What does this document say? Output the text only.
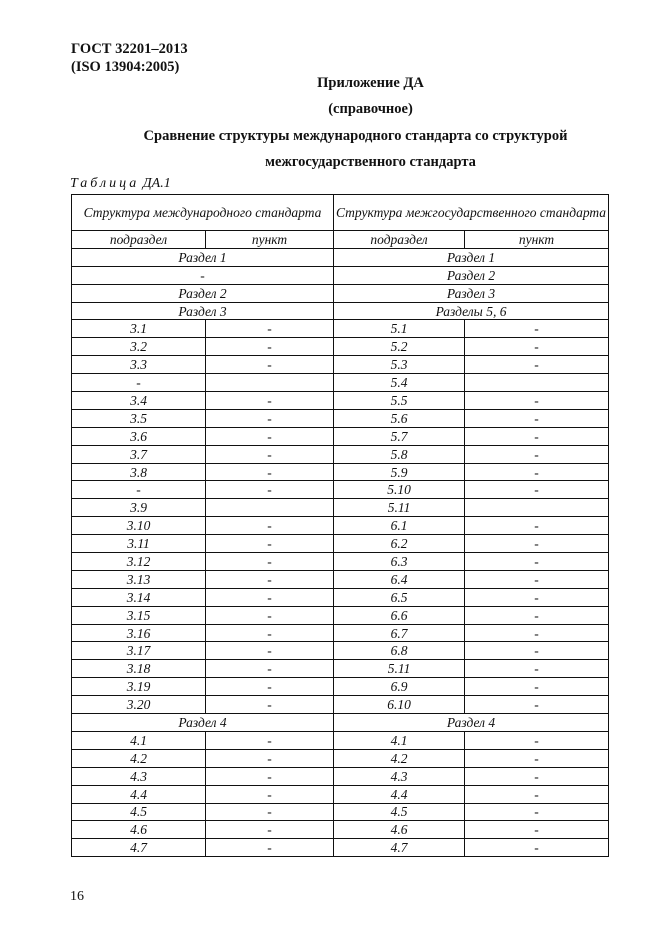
ГОСТ 32201–2013
(ISO 13904:2005)
Приложение ДА
(справочное)
Сравнение структуры международного стандарта со структурой
межгосударственного стандарта
Таблица ДА.1
Структура международного стандарта		Структура межгосударственного стандарта	
подраздел	пункт	подраздел	пункт
Раздел 1		Раздел 1	
-		Раздел 2	
Раздел 2		Раздел 3	
Раздел 3		Разделы 5, 6	
3.1	-	5.1	-
3.2	-	5.2	-
3.3	-	5.3	-
-		5.4	
3.4	-	5.5	-
3.5	-	5.6	-
3.6	-	5.7	-
3.7	-	5.8	-
3.8	-	5.9	-
-	-	5.10	-
3.9		5.11	
3.10	-	6.1	-
3.11	-	6.2	-
3.12	-	6.3	-
3.13	-	6.4	-
3.14	-	6.5	-
3.15	-	6.6	-
3.16	-	6.7	-
3.17	-	6.8	-
3.18	-	5.11	-
3.19	-	6.9	-
3.20	-	6.10	-
Раздел 4		Раздел 4	
4.1	-	4.1	-
4.2	-	4.2	-
4.3	-	4.3	-
4.4	-	4.4	-
4.5	-	4.5	-
4.6	-	4.6	-
4.7	-	4.7	-
16
